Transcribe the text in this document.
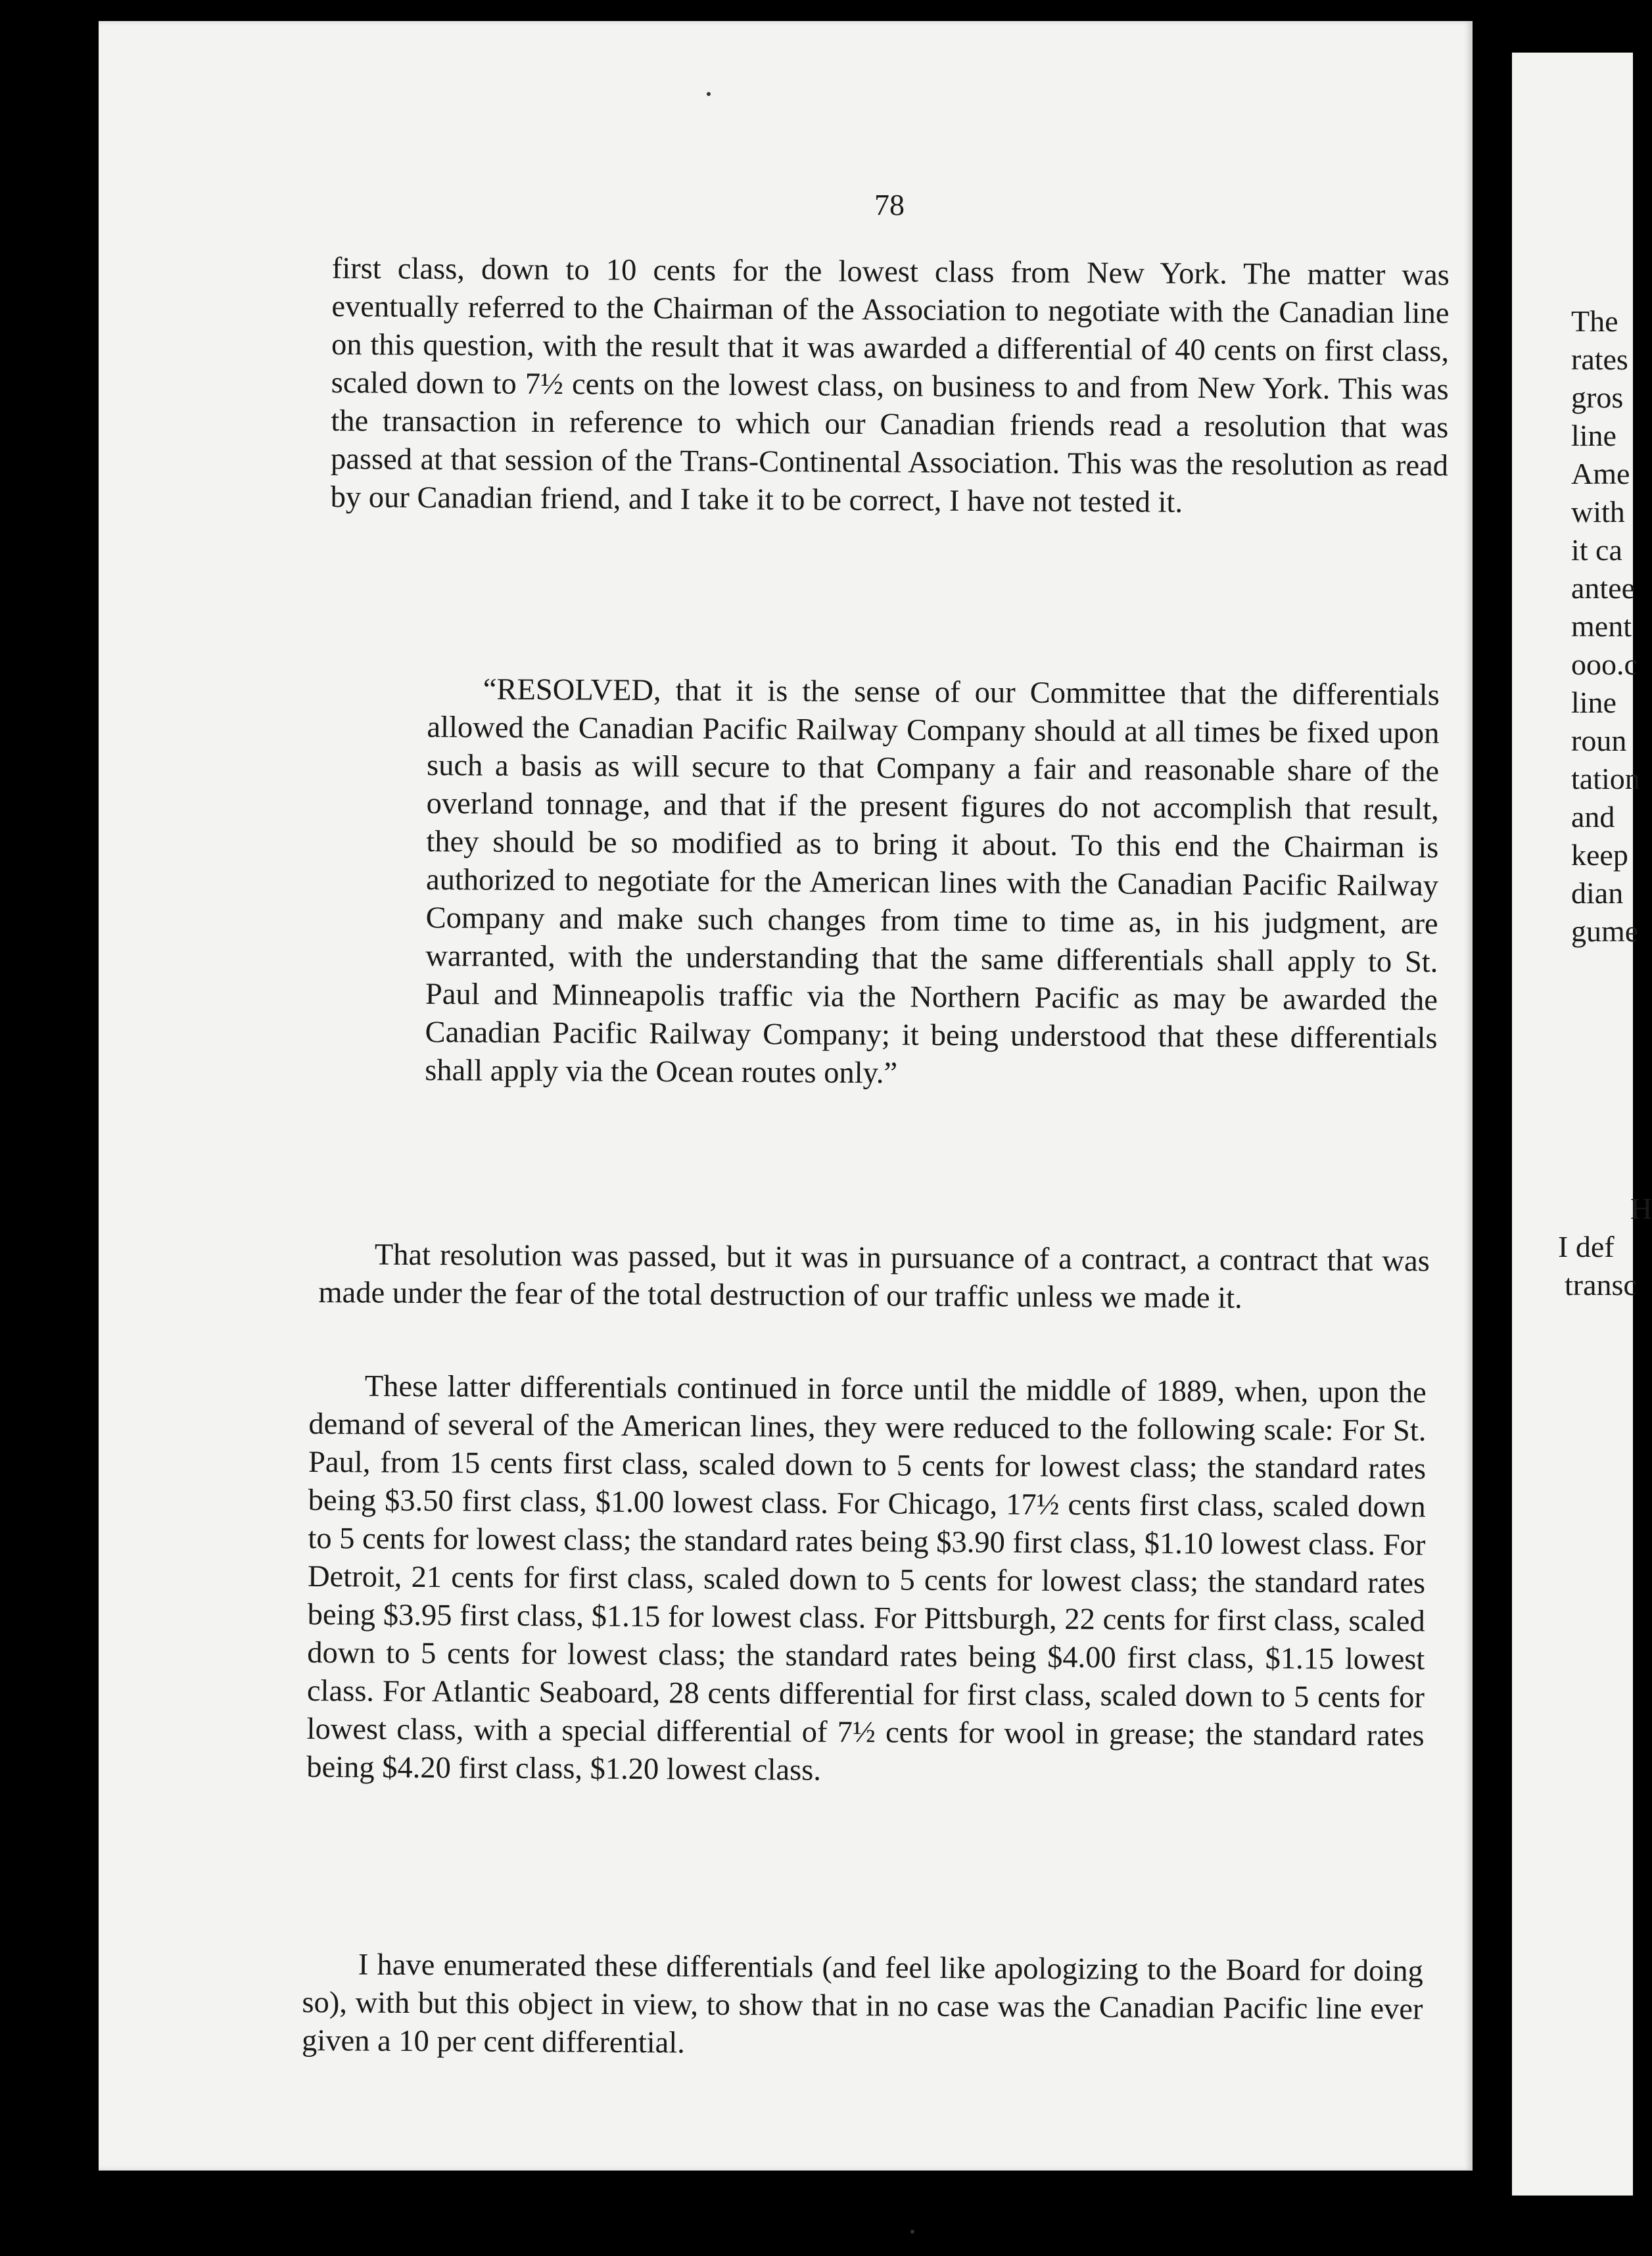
The
rates
gros
line
Ame
with
it ca
antee
ment
ooo.c
line
roun
tation
and
keep
dian
gume
H
I def
transc
78

first class, down to 10 cents for the lowest class from New York. The matter was eventually referred to the Chairman of the Association to negotiate with the Canadian line on this question, with the result that it was awarded a differential of 40 cents on first class, scaled down to 7½ cents on the lowest class, on business to and from New York. This was the transaction in reference to which our Canadian friends read a resolution that was passed at that session of the Trans-Continental Association. This was the resolution as read by our Canadian friend, and I take it to be correct, I have not tested it.

“RESOLVED, that it is the sense of our Committee that the differentials allowed the Canadian Pacific Railway Company should at all times be fixed upon such a basis as will secure to that Company a fair and reasonable share of the overland tonnage, and that if the present figures do not accomplish that result, they should be so modified as to bring it about. To this end the Chairman is authorized to negotiate for the American lines with the Canadian Pacific Railway Company and make such changes from time to time as, in his judgment, are warranted, with the understanding that the same differentials shall apply to St. Paul and Minneapolis traffic via the Northern Pacific as may be awarded the Canadian Pacific Railway Company; it being understood that these differentials shall apply via the Ocean routes only.”

That resolution was passed, but it was in pursuance of a contract, a contract that was made under the fear of the total destruction of our traffic unless we made it.

These latter differentials continued in force until the middle of 1889, when, upon the demand of several of the American lines, they were reduced to the following scale: For St. Paul, from 15 cents first class, scaled down to 5 cents for lowest class; the standard rates being $3.50 first class, $1.00 lowest class. For Chicago, 17½ cents first class, scaled down to 5 cents for lowest class; the standard rates being $3.90 first class, $1.10 lowest class. For Detroit, 21 cents for first class, scaled down to 5 cents for lowest class; the standard rates being $3.95 first class, $1.15 for lowest class. For Pittsburgh, 22 cents for first class, scaled down to 5 cents for lowest class; the standard rates being $4.00 first class, $1.15 lowest class. For Atlantic Seaboard, 28 cents differential for first class, scaled down to 5 cents for lowest class, with a special differential of 7½ cents for wool in grease; the standard rates being $4.20 first class, $1.20 lowest class.

I have enumerated these differentials (and feel like apologizing to the Board for doing so), with but this object in view, to show that in no case was the Canadian Pacific line ever given a 10 per cent differential.
